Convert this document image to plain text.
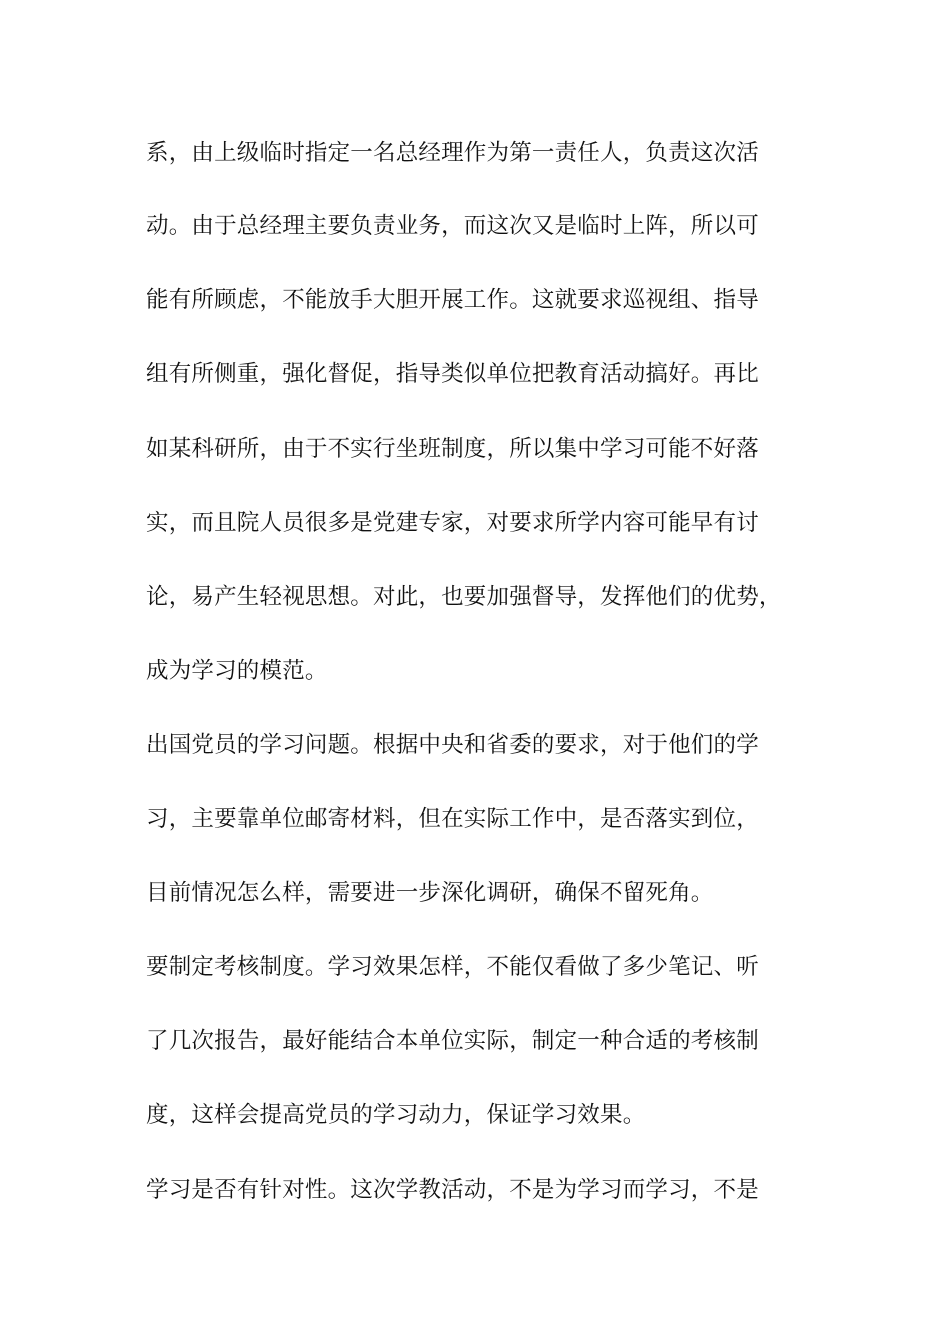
系，由上级临时指定一名总经理作为第一责任人，负责这次活
动。由于总经理主要负责业务，而这次又是临时上阵，所以可
能有所顾虑，不能放手大胆开展工作。这就要求巡视组、指导
组有所侧重，强化督促，指导类似单位把教育活动搞好。再比
如某科研所，由于不实行坐班制度，所以集中学习可能不好落
实，而且院人员很多是党建专家，对要求所学内容可能早有讨
论，易产生轻视思想。对此，也要加强督导，发挥他们的优势，
成为学习的模范。
出国党员的学习问题。根据中央和省委的要求，对于他们的学
习，主要靠单位邮寄材料，但在实际工作中，是否落实到位，
目前情况怎么样，需要进一步深化调研，确保不留死角。
要制定考核制度。学习效果怎样，不能仅看做了多少笔记、听
了几次报告，最好能结合本单位实际，制定一种合适的考核制
度，这样会提高党员的学习动力，保证学习效果。
学习是否有针对性。这次学教活动，不是为学习而学习，不是
